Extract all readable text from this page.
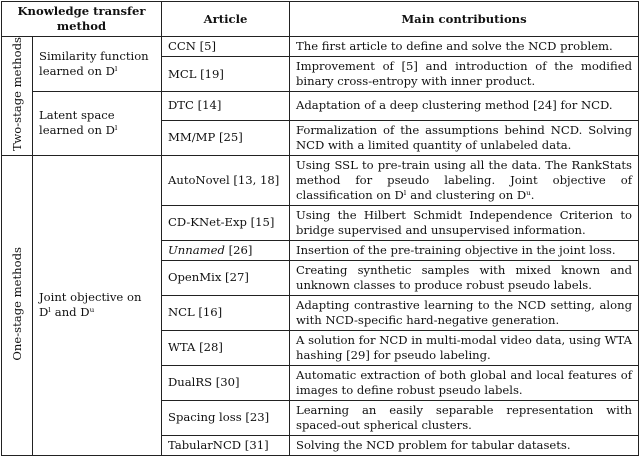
Knowledge transfer method		Article	Main contributions
Two-stage methods	Similarity function learned on Dˡ	CCN [5]	The first article to define and solve the NCD problem.
		MCL [19]	Improvement of [5] and introduction of the modified binary cross-entropy with inner product.
	Latent space learned on Dˡ	DTC [14]	Adaptation of a deep clustering method [24] for NCD.
		MM/MP [25]	Formalization of the assumptions behind NCD. Solving NCD with a limited quantity of unlabeled data.
One-stage methods	Joint objective on Dˡ and Dᵘ	AutoNovel [13, 18]	Using SSL to pre-train using all the data. The RankStats method for pseudo labeling. Joint objective of classification on Dˡ and clustering on Dᵘ.
		CD-KNet-Exp [15]	Using the Hilbert Schmidt Independence Criterion to bridge supervised and unsupervised information.
		Unnamed [26]	Insertion of the pre-training objective in the joint loss.
		OpenMix [27]	Creating synthetic samples with mixed known and unknown classes to produce robust pseudo labels.
		NCL [16]	Adapting contrastive learning to the NCD setting, along with NCD-specific hard-negative generation.
		WTA [28]	A solution for NCD in multi-modal video data, using WTA hashing [29] for pseudo labeling.
		DualRS [30]	Automatic extraction of both global and local features of images to define robust pseudo labels.
		Spacing loss [23]	Learning an easily separable representation with spaced-out spherical clusters.
		TabularNCD [31]	Solving the NCD problem for tabular datasets.
